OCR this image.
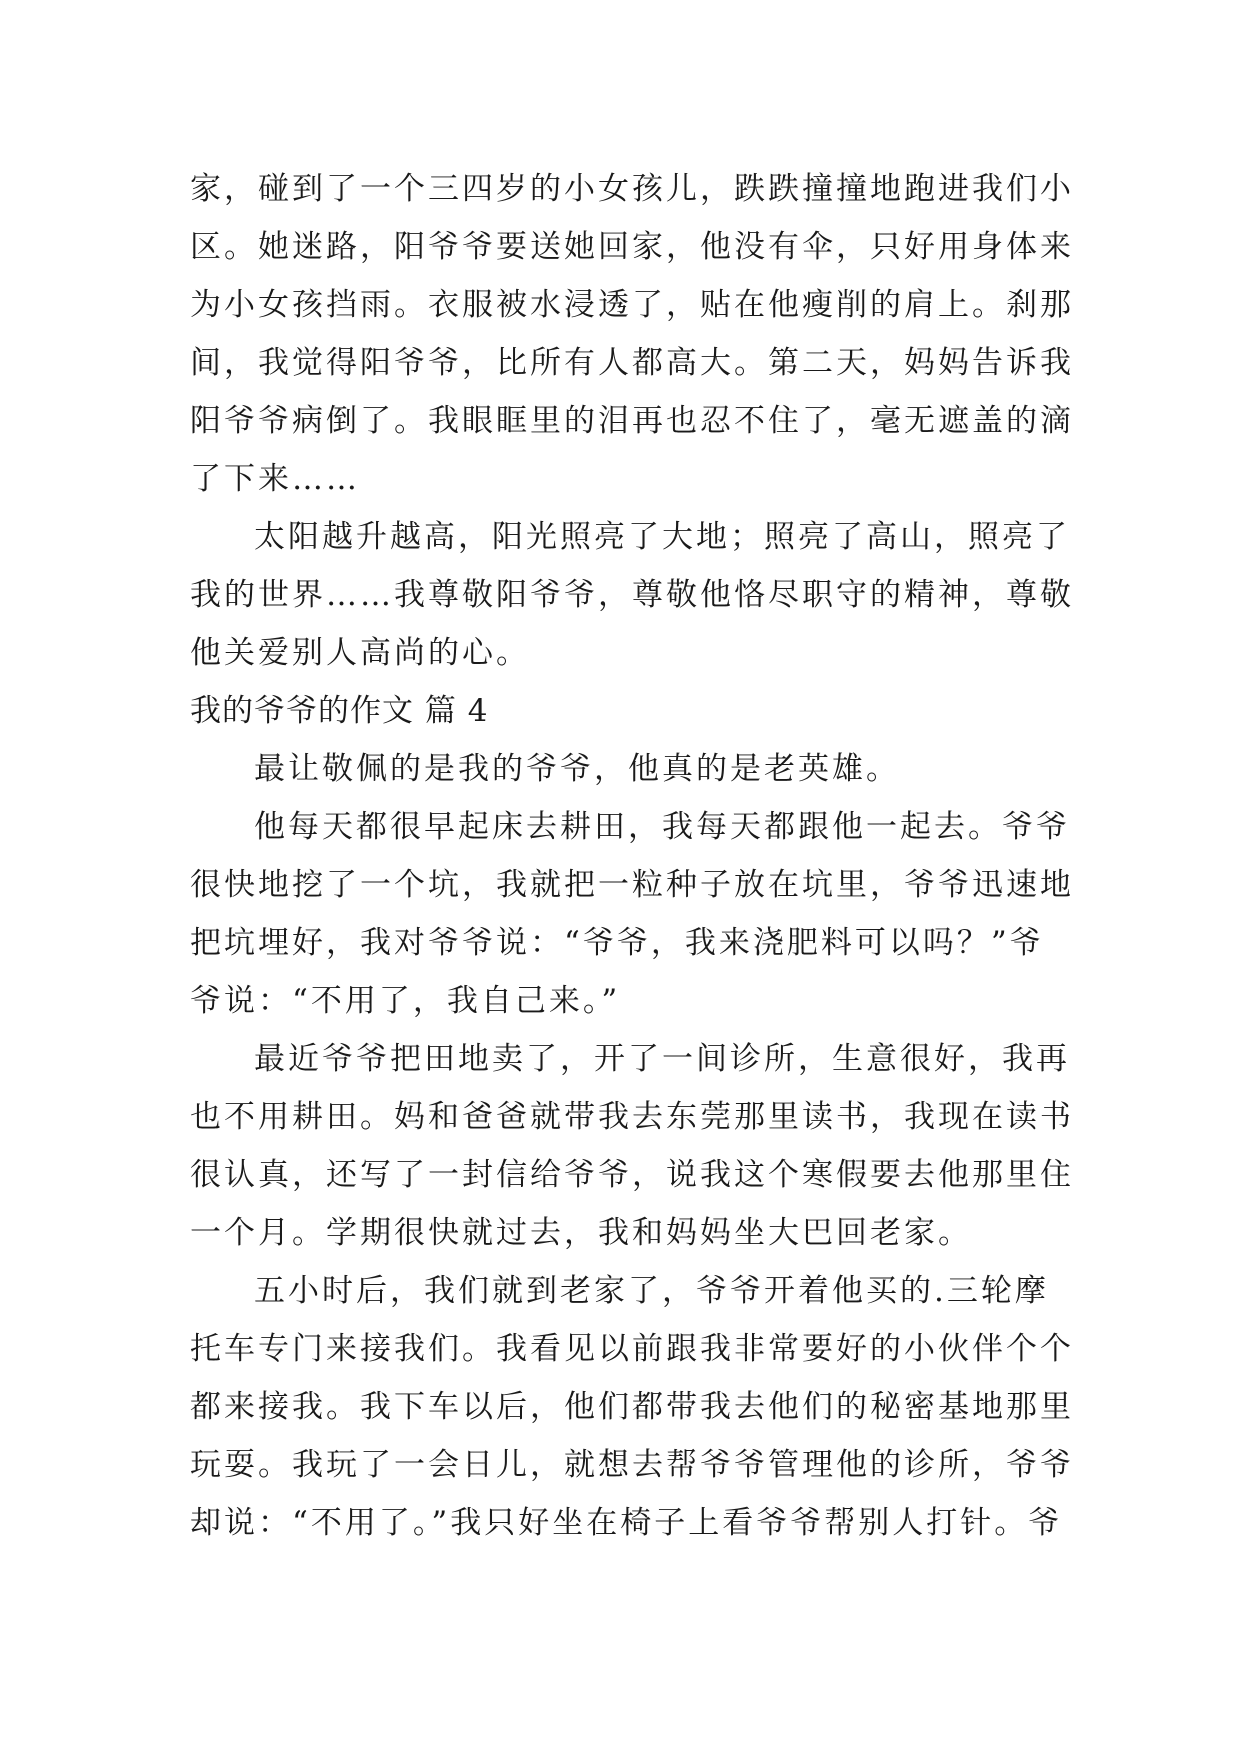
家，碰到了一个三四岁的小女孩儿，跌跌撞撞地跑进我们小
区。她迷路，阳爷爷要送她回家，他没有伞，只好用身体来
为小女孩挡雨。衣服被水浸透了，贴在他瘦削的肩上。刹那
间，我觉得阳爷爷，比所有人都高大。第二天，妈妈告诉我
阳爷爷病倒了。我眼眶里的泪再也忍不住了，毫无遮盖的滴
了下来……
太阳越升越高，阳光照亮了大地；照亮了高山，照亮了
我的世界……我尊敬阳爷爷，尊敬他恪尽职守的精神，尊敬
他关爱别人高尚的心。
我的爷爷的作文 篇 4
最让敬佩的是我的爷爷，他真的是老英雄。
他每天都很早起床去耕田，我每天都跟他一起去。爷爷
很快地挖了一个坑，我就把一粒种子放在坑里，爷爷迅速地
把坑埋好，我对爷爷说：“爷爷，我来浇肥料可以吗？”爷
爷说：“不用了，我自己来。”
最近爷爷把田地卖了，开了一间诊所，生意很好，我再
也不用耕田。妈和爸爸就带我去东莞那里读书，我现在读书
很认真，还写了一封信给爷爷，说我这个寒假要去他那里住
一个月。学期很快就过去，我和妈妈坐大巴回老家。
五小时后，我们就到老家了，爷爷开着他买的.三轮摩
托车专门来接我们。我看见以前跟我非常要好的小伙伴个个
都来接我。我下车以后，他们都带我去他们的秘密基地那里
玩耍。我玩了一会日儿，就想去帮爷爷管理他的诊所，爷爷
却说：“不用了。”我只好坐在椅子上看爷爷帮别人打针。爷
